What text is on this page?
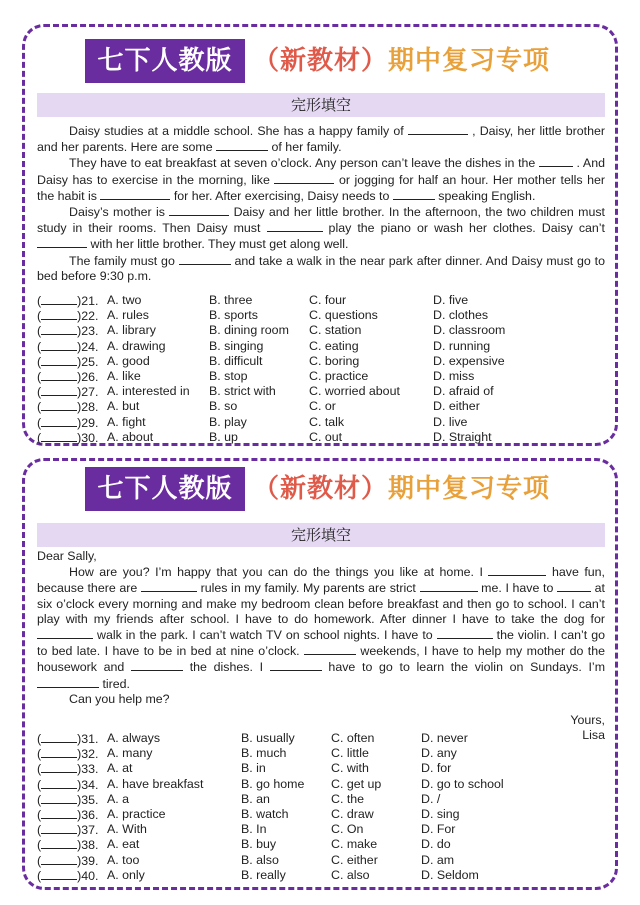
七下人教版 （新教材）期中复习专项
完形填空

Daisy studies at a middle school. She has a happy family of	, Daisy, her little brother and her parents. Here are some	of her family.

They have to eat breakfast at seven o’clock. Any person can’t leave the dishes in the	. And Daisy has to exercise in the morning, like	or jogging for half an hour. Her mother tells her the habit is	for her. After exercising, Daisy needs to	speaking English.

Daisy’s mother is	Daisy and her little brother. In the afternoon, the two children must study in their rooms. Then Daisy must	play the piano or wash her clothes. Daisy can’t  with her little brother. They must get along well.

The family must go	and take a walk in the near park after dinner. And Daisy must go to bed before 9:30 p.m.

(	)21. A. two	B. three	C. four	D. five
(	)22. A. rules	B. sports	C. questions	D. clothes
(	)23. A. library	B. dining room C. station	D. classroom
(	)24. A. drawing	B. singing	C. eating	D. running
(	)25. A. good	B. difficult	C. boring	D. expensive
(	)26. A. like	B. stop	C. practice	D. miss
(	)27. A. interested in B. strict with	C. worried about	D. afraid of
(	)28. A. but	B. so	C. or	D. either
(	)29. A. fight	B. play	C. talk	D. live
(	)30. A. about	B. up	C. out	D. Straight
七下人教版 （新教材）期中复习专项
完形填空

Dear Sally,

How are you? I’m happy that you can do the things you like at home. I	have fun, because there are	rules in my family. My parents are strict	me. I have to	at six o’clock every morning and make my bedroom clean before breakfast and then go to school. I can’t play with my friends after school. I have to do homework. After dinner I have to take the dog for  walk in the park. I can’t watch TV on school nights. I have to	the violin. I can’t go to bed late. I have to be in bed at nine o’clock.	weekends, I have to help my mother do the housework and	the dishes. I	have to go to learn the violin on Sundays. I’m  tired.

Can you help me?

Yours,

Lisa

(	)31. A. always	B. usually	C. often	D. never
(	)32. A. many	B. much	C. little	D. any
(	)33. A. at	B. in	C. with	D. for
(	)34. A. have breakfast	B. go home C. get up	D. go to school
(	)35. A. a	B. an	C. the	D. /
(	)36. A. practice	B. watch	C. draw	D. sing
(	)37. A. With	B. In	C. On	D. For
(	)38. A. eat	B. buy	C. make	D. do
(	)39. A. too	B. also	C. either	D. am
(	)40. A. only	B. really	C. also	D. Seldom
